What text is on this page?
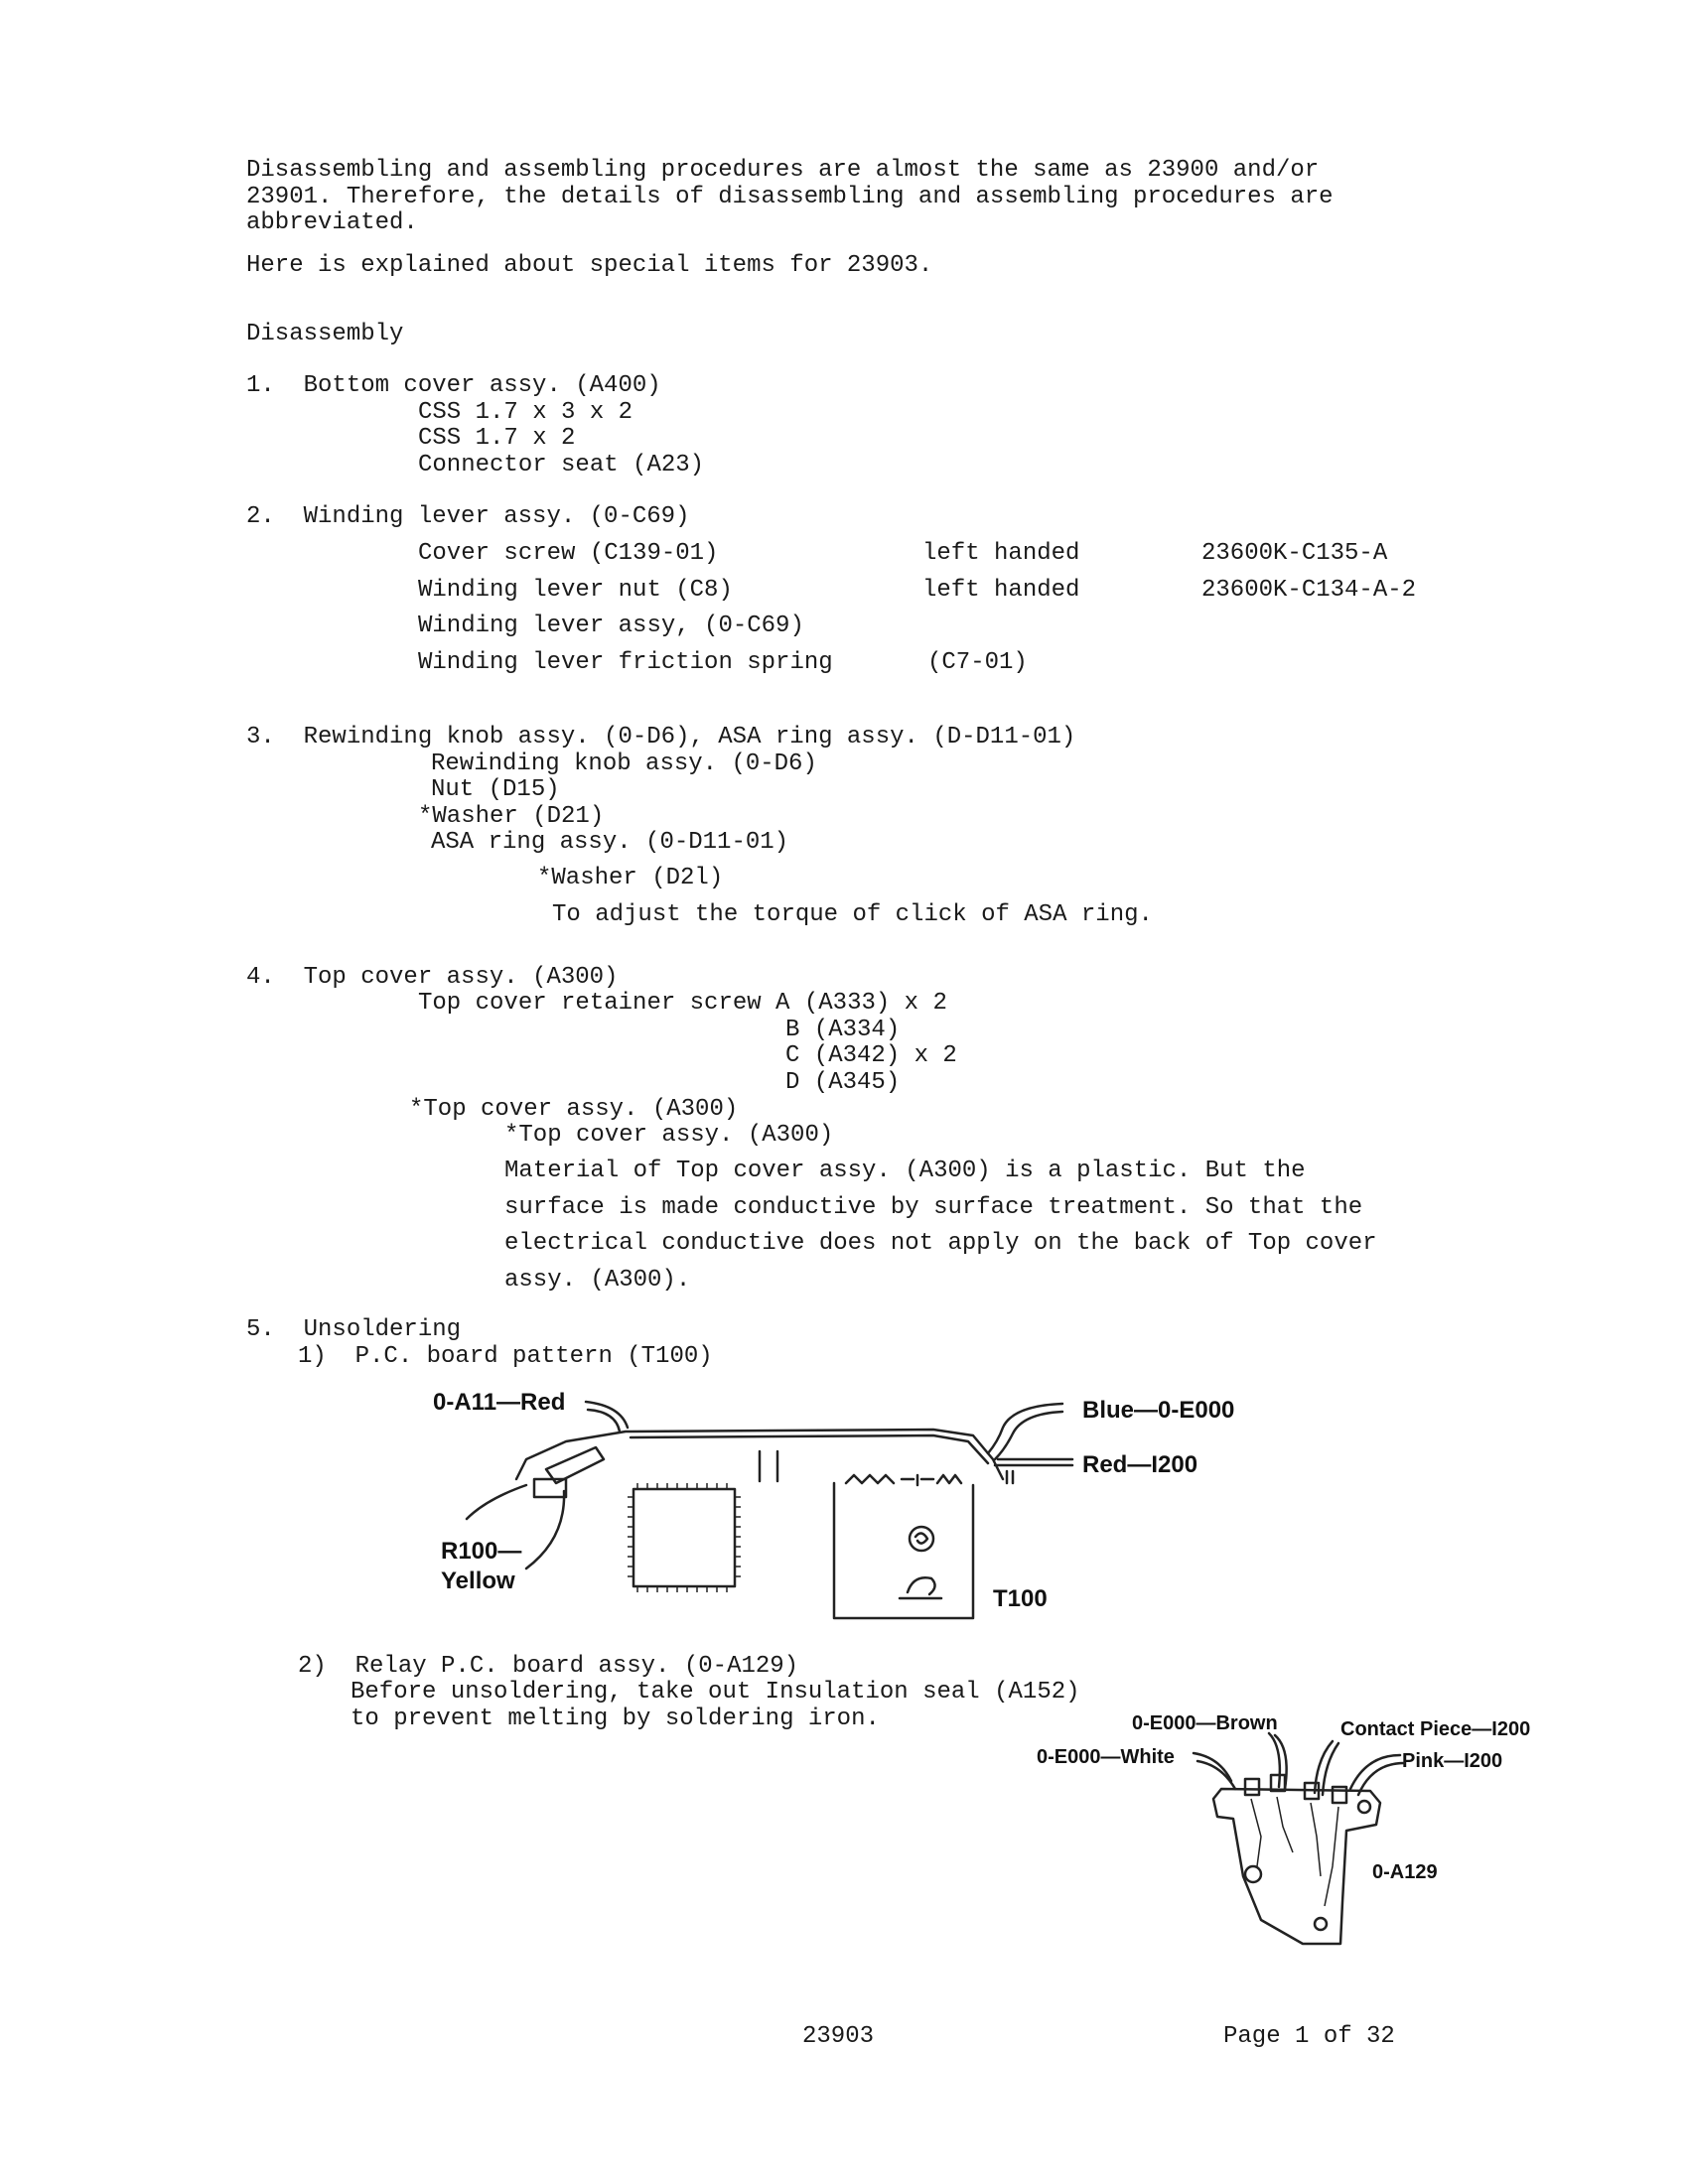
Disassembling and assembling procedures are almost the same as 23900 and/or

23901. Therefore, the details of disassembling and assembling procedures are

abbreviated.

Here is explained about special items for 23903.

Disassembly

1.  Bottom cover assy. (A400)

CSS 1.7 x 3 x 2

CSS 1.7 x 2

Connector seat (A23)

2.  Winding lever assy. (0-C69)

Cover screw (C139-01)	left handed	23600K-C135-A

Winding lever nut (C8)	left handed	23600K-C134-A-2

Winding lever assy, (0-C69)

Winding lever friction spring	(C7-01)

3.  Rewinding knob assy. (0-D6), ASA ring assy. (D-D11-01)

Rewinding knob assy. (0-D6)

Nut (D15)

*Washer (D21)

ASA ring assy. (0-D11-01)

*Washer (D2l)

To adjust the torque of click of ASA ring.

4.  Top cover assy. (A300)

Top cover retainer screw A (A333) x 2

B (A334)

C (A342) x 2

D (A345)

*Top cover assy. (A300)

*Top cover assy. (A300)

Material of Top cover assy. (A300) is a plastic. But the

surface is made conductive by surface treatment. So that the

electrical conductive does not apply on the back of Top cover

assy. (A300).

5.  Unsoldering

1)  P.C. board pattern (T100)

0-A11—Red	Blue—0-E000
Red—I200
R100—
Yellow
T100

2)  Relay P.C. board assy. (0-A129)

Before unsoldering, take out Insulation seal (A152)

to prevent melting by soldering iron.	0-E000—Brown	Contact Piece—I200
0-E000—White	Pink—I200
0-A129

23903	Page 1 of 32
